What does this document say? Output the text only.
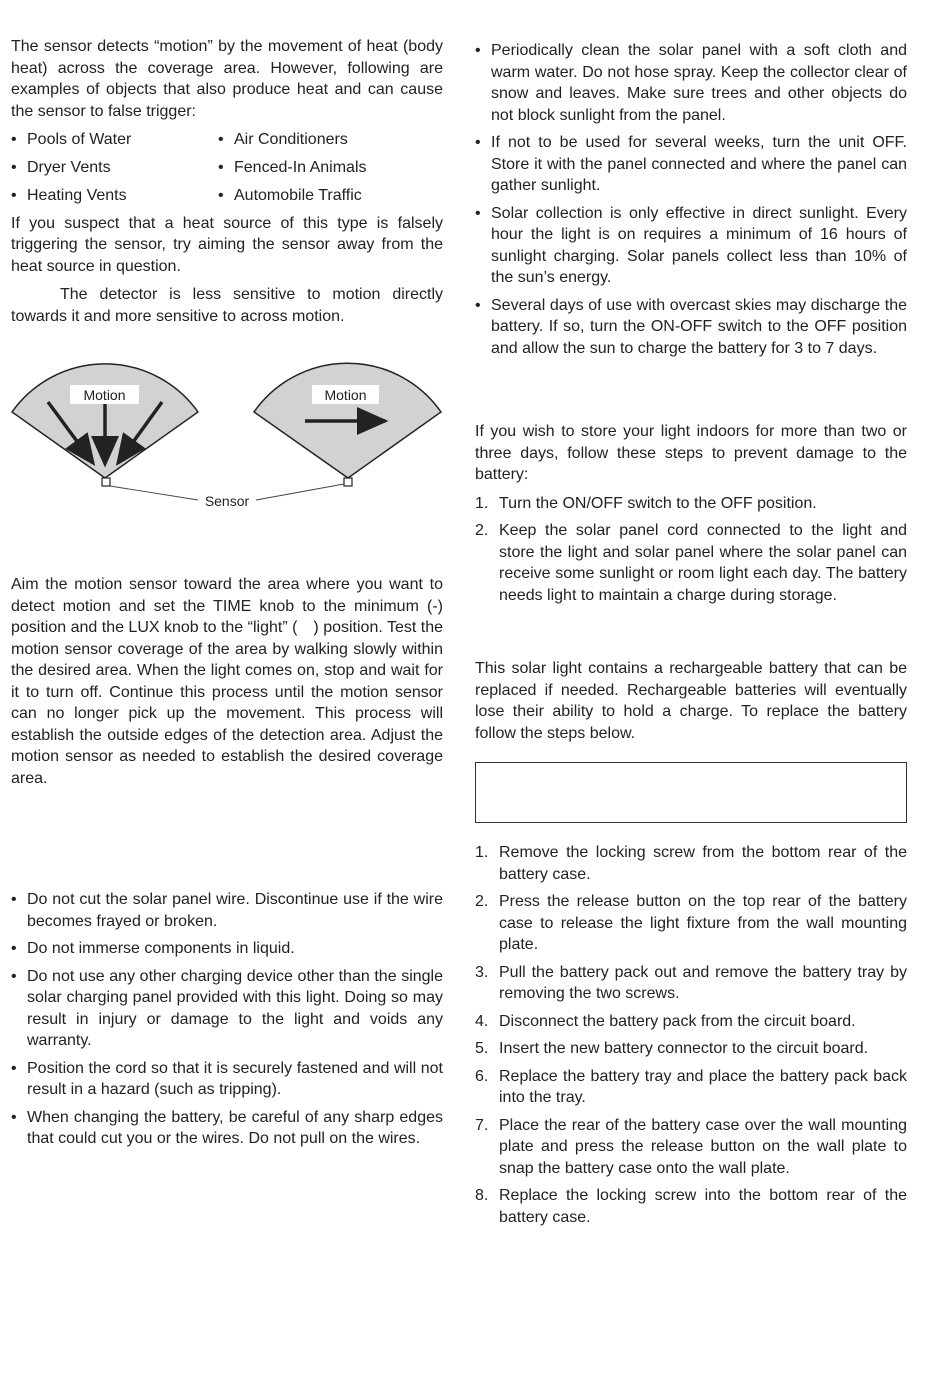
The sensor detects “motion” by the movement of heat (body heat) across the coverage area. However, following are examples of objects that also produce heat and can cause the sensor to false trigger:

• Pools of Water	• Air Conditioners
• Dryer Vents	• Fenced-In Animals
• Heating Vents	• Automobile Traffic

If you suspect that a heat source of this type is falsely triggering the sensor, try aiming the sensor away from the heat source in question.

The detector is less sensitive to motion directly towards it and more sensitive to across motion.

Aim the motion sensor toward the area where you want to detect motion and set the TIME knob to the minimum (-) position and the LUX knob to the “light” ( ) position. Test the motion sensor coverage of the area by walking slowly within the desired area. When the light comes on, stop and wait for it to turn off. Continue this process until the motion sensor can no longer pick up the movement. This process will establish the outside edges of the detection area. Adjust the motion sensor as needed to establish the desired coverage area.

• Do not cut the solar panel wire. Discontinue use if the wire becomes frayed or broken.
• Do not immerse components in liquid.
• Do not use any other charging device other than the single solar charging panel provided with this light. Doing so may result in injury or damage to the light and voids any warranty.
• Position the cord so that it is securely fastened and will not result in a hazard (such as tripping).
• When changing the battery, be careful of any sharp edges that could cut you or the wires. Do not pull on the wires.
Motion	Motion
Sensor
• Periodically clean the solar panel with a soft cloth and warm water. Do not hose spray. Keep the collector clear of snow and leaves. Make sure trees and other objects do not block sunlight from the panel.
• If not to be used for several weeks, turn the unit OFF. Store it with the panel connected and where the panel can gather sunlight.
• Solar collection is only effective in direct sunlight. Every hour the light is on requires a minimum of 16 hours of sunlight charging. Solar panels collect less than 10% of the sun’s energy.
• Several days of use with overcast skies may discharge the battery. If so, turn the ON-OFF switch to the OFF position and allow the sun to charge the battery for 3 to 7 days.

If you wish to store your light indoors for more than two or three days, follow these steps to prevent damage to the battery:

1. Turn the ON/OFF switch to the OFF position.
2. Keep the solar panel cord connected to the light and store the light and solar panel where the solar panel can receive some sunlight or room light each day. The battery needs light to maintain a charge during storage.

This solar light contains a rechargeable battery that can be replaced if needed. Rechargeable batteries will eventually lose their ability to hold a charge. To replace the battery follow the steps below.

1. Remove the locking screw from the bottom rear of the battery case.
2. Press the release button on the top rear of the battery case to release the light fixture from the wall mounting plate.
3. Pull the battery pack out and remove the battery tray by removing the two screws.
4. Disconnect the battery pack from the circuit board.
5. Insert the new battery connector to the circuit board.
6. Replace the battery tray and place the battery pack back into the tray.
7. Place the rear of the battery case over the wall mounting plate and press the release button on the wall plate to snap the battery case onto the wall plate.
8. Replace the locking screw into the bottom rear of the battery case.
